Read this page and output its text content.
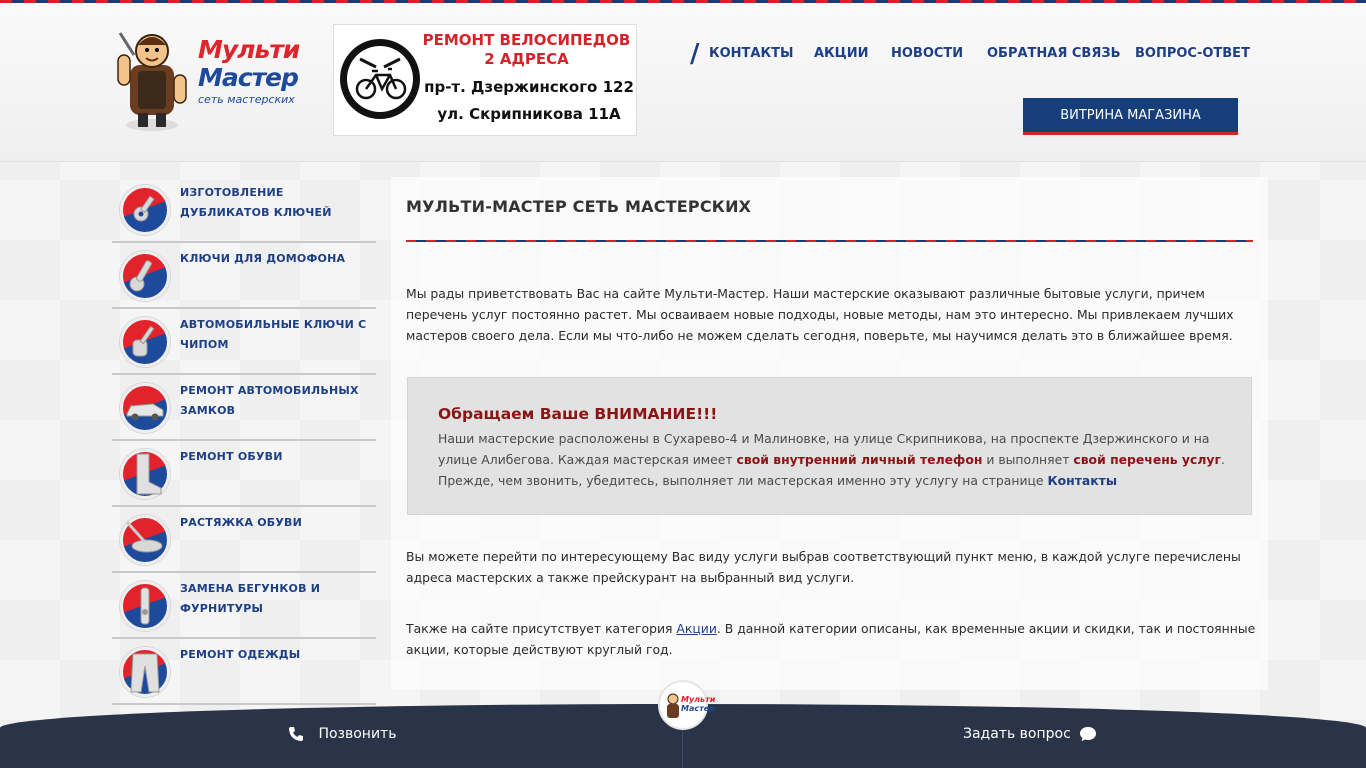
Мульти
Мастер
сеть мастерских
РЕМОНТ ВЕЛОСИПЕДОВ
2 АДРЕСА
пр-т. Дзержинского 122
ул. Скрипникова 11А
/ КОНТАКТЫ АКЦИИ НОВОСТИ ОБРАТНАЯ СВЯЗЬ ВОПРОС-ОТВЕТ
ВИТРИНА МАГАЗИНА
ИЗГОТОВЛЕНИЕ ДУБЛИКАТОВ КЛЮЧЕЙ
КЛЮЧИ ДЛЯ ДОМОФОНА
АВТОМОБИЛЬНЫЕ КЛЮЧИ С ЧИПОМ
РЕМОНТ АВТОМОБИЛЬНЫХ ЗАМКОВ
РЕМОНТ ОБУВИ
РАСТЯЖКА ОБУВИ
ЗАМЕНА БЕГУНКОВ И ФУРНИТУРЫ
РЕМОНТ ОДЕЖДЫ
МУЛЬТИ-МАСТЕР СЕТЬ МАСТЕРСКИХ

Мы рады приветствовать Вас на сайте Мульти-Мастер. Наши мастерские оказывают различные бытовые услуги, причем перечень услуг постоянно растет. Мы осваиваем новые подходы, новые методы, нам это интересно. Мы привлекаем лучших мастеров своего дела. Если мы что-либо не можем сделать сегодня, поверьте, мы научимся делать это в ближайшее время.

Обращаем Ваше ВНИМАНИЕ!!!
Наши мастерские расположены в Сухарево-4 и Малиновке, на улице Скрипникова, на проспекте Дзержинского и на улице Алибегова. Каждая мастерская имеет свой внутренний личный телефон и выполняет свой перечень услуг. Прежде, чем звонить, убедитесь, выполняет ли мастерская именно эту услугу на странице Контакты

Вы можете перейти по интересующему Вас виду услуги выбрав соответствующий пункт меню, в каждой услуге перечислены адреса мастерских а также прейскурант на выбранный вид услуги.

Также на сайте присутствует категория Акции. В данной категории описаны, как временные акции и скидки, так и постоянные акции, которые действуют круглый год.

Позвонить	Задать вопрос
Мульти
Мастер
